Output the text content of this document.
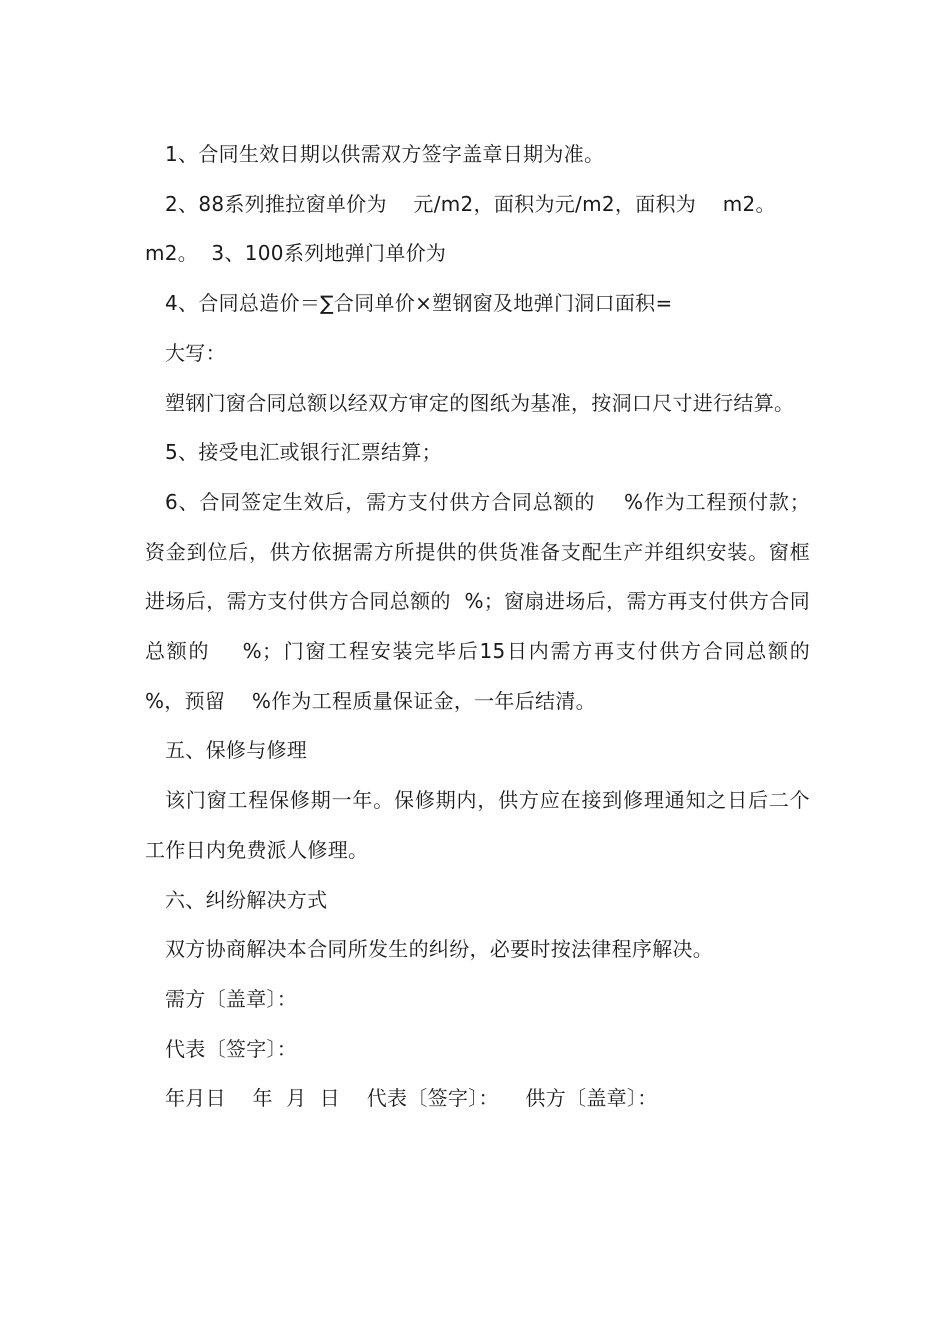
1、合同生效日期以供需双方签字盖章日期为准。

2、88系列推拉窗单价为    元/m2，面积为元/m2，面积为    m2。

m2。  3、100系列地弹门单价为

4、合同总造价＝∑合同单价×塑钢窗及地弹门洞口面积=

大写：

塑钢门窗合同总额以经双方审定的图纸为基准，按洞口尺寸进行结算。

5、接受电汇或银行汇票结算；

6、合同签定生效后，需方支付供方合同总额的    %作为工程预付款；资金到位后，供方依据需方所提供的供货准备支配生产并组织安装。窗框进场后，需方支付供方合同总额的  %；窗扇进场后，需方再支付供方合同总额的    %；门窗工程安装完毕后15日内需方再支付供方合同总额的    %，预留    %作为工程质量保证金，一年后结清。

五、保修与修理

该门窗工程保修期一年。保修期内，供方应在接到修理通知之日后二个工作日内免费派人修理。

六、纠纷解决方式

双方协商解决本合同所发生的纠纷，必要时按法律程序解决。

需方〔盖章〕：

代表〔签字〕：

年月日    年  月  日    代表〔签字〕：    供方〔盖章〕：
